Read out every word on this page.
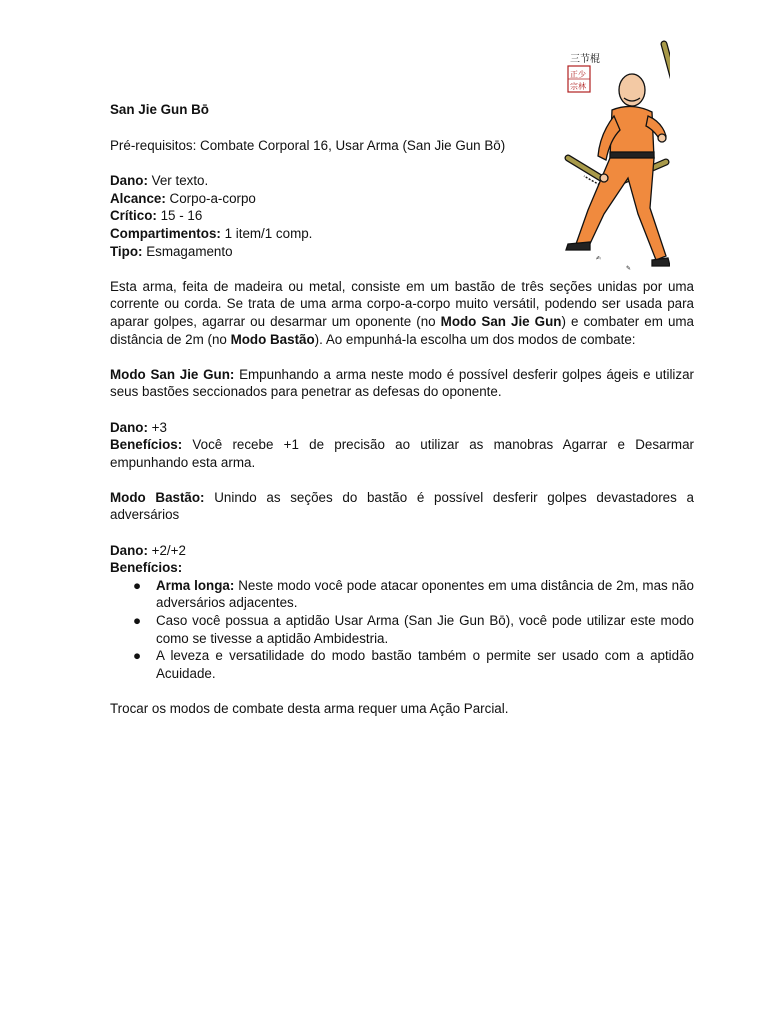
San Jie Gun Bō
Pré-requisitos: Combate Corporal 16, Usar Arma (San Jie Gun Bō)
Dano: Ver texto.
Alcance: Corpo-a-corpo
Crítico: 15 - 16
Compartimentos: 1 item/1 comp.
Tipo: Esmagamento
Esta arma, feita de madeira ou metal, consiste em um bastão de três seções unidas por uma corrente ou corda. Se trata de uma arma corpo-a-corpo muito versátil, podendo ser usada para aparar golpes, agarrar ou desarmar um oponente (no Modo San Jie Gun) e combater em uma distância de 2m (no Modo Bastão). Ao empunhá-la escolha um dos modos de combate:
Modo San Jie Gun: Empunhando a arma neste modo é possível desferir golpes ágeis e utilizar seus bastões seccionados para penetrar as defesas do oponente.
Dano: +3
Benefícios: Você recebe +1 de precisão ao utilizar as manobras Agarrar e Desarmar empunhando esta arma.
Modo Bastão: Unindo as seções do bastão é possível desferir golpes devastadores a adversários
Dano: +2/+2
Benefícios:
● Arma longa: Neste modo você pode atacar oponentes em uma distância de 2m, mas não adversários adjacentes.
● Caso você possua a aptidão Usar Arma (San Jie Gun Bō), você pode utilizar este modo como se tivesse a aptidão Ambidestria.
● A leveza e versatilidade do modo bastão também o permite ser usado com a aptidão Acuidade.
Trocar os modos de combate desta arma requer uma Ação Parcial.
三节棍
正少
宗林
✍
✎
